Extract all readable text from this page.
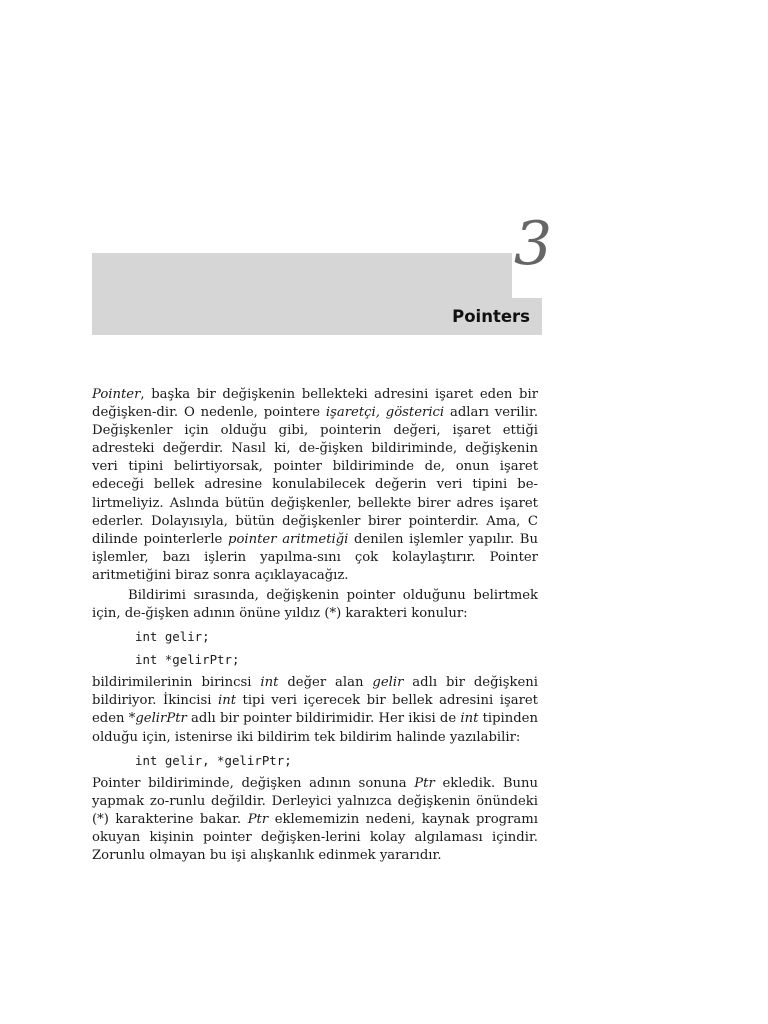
3
Pointers

Pointer, başka bir değişkenin bellekteki adresini işaret eden bir değişken-dir. O nedenle, pointere işaretçi, gösterici adları verilir. Değişkenler için olduğu gibi, pointerin değeri, işaret ettiği adresteki değerdir. Nasıl ki, de-ğişken bildiriminde, değişkenin veri tipini belirtiyorsak, pointer bildiriminde de, onun işaret edeceği bellek adresine konulabilecek değerin veri tipini be-lirtmeliyiz. Aslında bütün değişkenler, bellekte birer adres işaret ederler. Dolayısıyla, bütün değişkenler birer pointerdir. Ama, C dilinde pointerlerle pointer aritmetiği denilen işlemler yapılır. Bu işlemler, bazı işlerin yapılma-sını çok kolaylaştırır. Pointer aritmetiğini biraz sonra açıklayacağız.

Bildirimi sırasında, değişkenin pointer olduğunu belirtmek için, de-ğişken adının önüne yıldız (*) karakteri konulur:

int gelir;
int *gelirPtr;

bildirimilerinin birincsi int değer alan gelir adlı bir değişkeni bildiriyor. İkincisi int tipi veri içerecek bir bellek adresini işaret eden *gelirPtr adlı bir pointer bildirimidir. Her ikisi de int tipinden olduğu için, istenirse iki bildirim tek bildirim halinde yazılabilir:

int gelir, *gelirPtr;

Pointer bildiriminde, değişken adının sonuna Ptr ekledik. Bunu yapmak zo-runlu değildir. Derleyici yalnızca değişkenin önündeki (*) karakterine bakar. Ptr eklememizin nedeni, kaynak programı okuyan kişinin pointer değişken-lerini kolay algılaması içindir. Zorunlu olmayan bu işi alışkanlık edinmek yararıdır.
